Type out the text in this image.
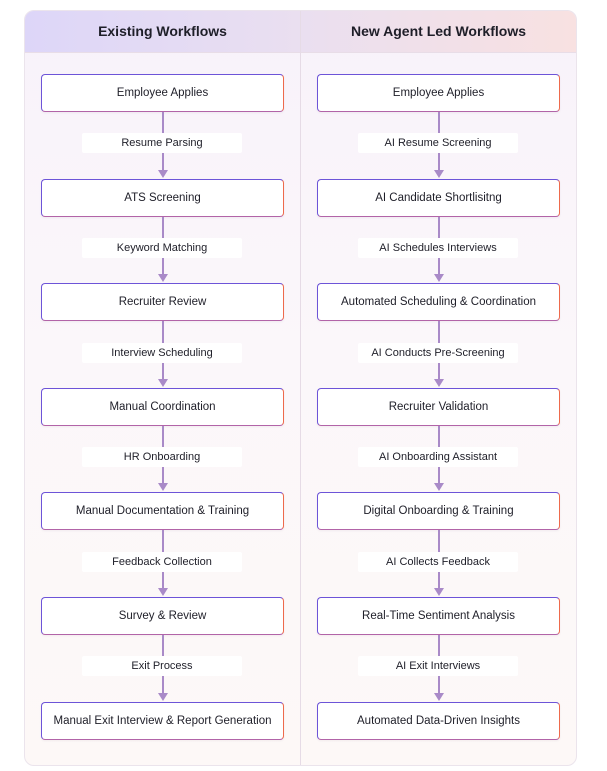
Existing Workflows	New Agent Led Workflows
Employee Applies
Resume Parsing
ATS Screening
Keyword Matching
Recruiter Review
Interview Scheduling
Manual Coordination
HR Onboarding
Manual Documentation & Training
Feedback Collection
Survey & Review
Exit Process
Manual Exit Interview & Report Generation
Employee Applies
AI Resume Screening
AI Candidate Shortlisitng
AI Schedules Interviews
Automated Scheduling & Coordination
AI Conducts Pre-Screening
Recruiter Validation
AI Onboarding Assistant
Digital Onboarding & Training
AI Collects Feedback
Real-Time Sentiment Analysis
AI Exit Interviews
Automated Data-Driven Insights
